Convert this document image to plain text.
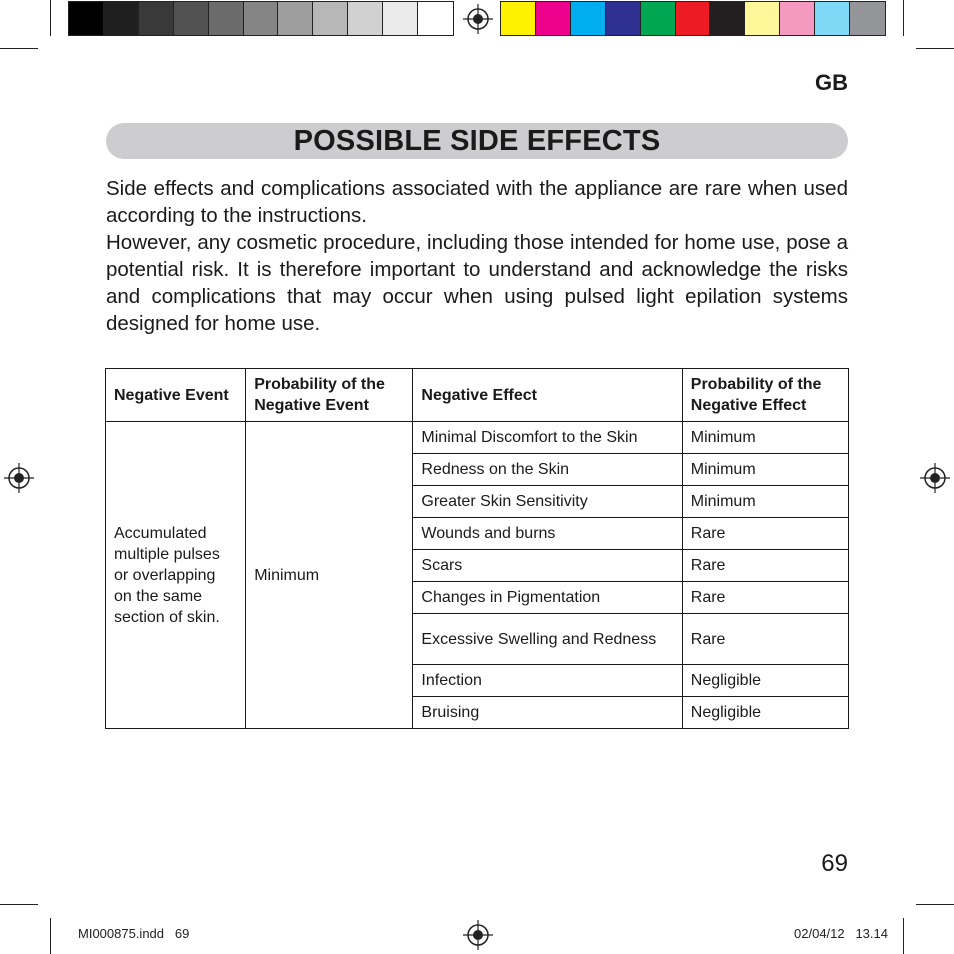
GB
POSSIBLE SIDE EFFECTS

Side effects and complications associated with the appliance are rare when used according to the instructions.

However, any cosmetic procedure, including those intended for home use, pose a potential risk. It is therefore important to understand and acknowledge the risks and complications that may occur when using pulsed light epilation systems designed for home use.

Negative Event	Probability of the Negative Event	Negative Effect	Probability of the Negative Effect
Accumulated multiple pulses or overlapping on the same section of skin.	Minimum	Minimal Discomfort to the Skin	Minimum
		Redness on the Skin	Minimum
		Greater Skin Sensitivity	Minimum
		Wounds and burns	Rare
		Scars	Rare
		Changes in Pigmentation	Rare
		Excessive Swelling and Redness	Rare
		Infection	Negligible
		Bruising	Negligible
69
MI000875.indd   69	02/04/12   13.14
